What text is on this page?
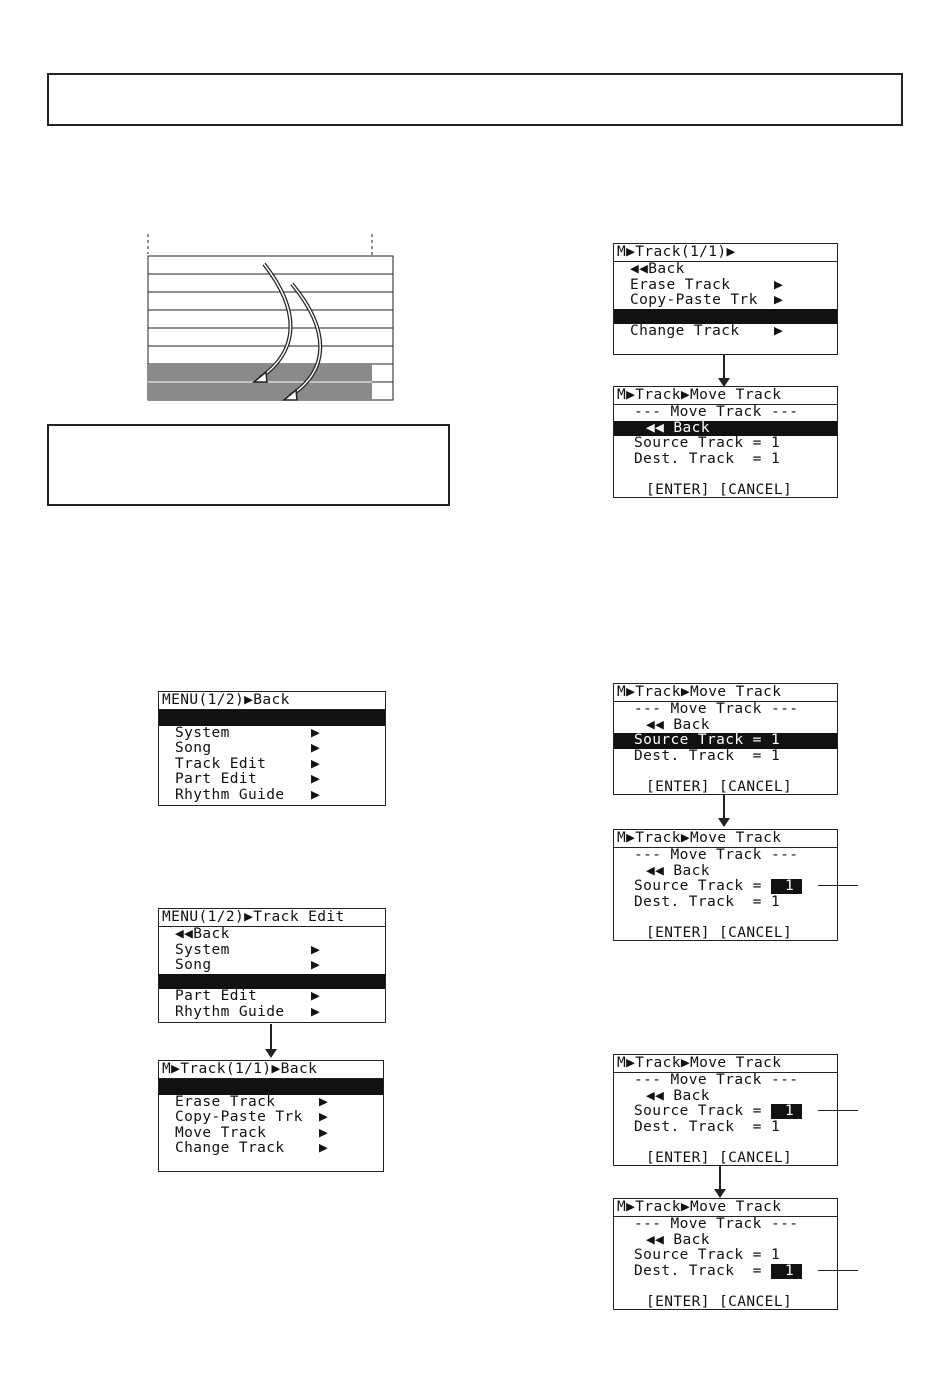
MENU(1/2)▶Back

System	▶
Song	▶
Track Edit	▶
Part Edit	▶
Rhythm Guide ▶
MENU(1/2)▶Track Edit
◀◀Back
System	▶
Song	▶

Part Edit	▶
Rhythm Guide ▶
M▶Track(1/1)▶Back

Erase Track	▶
Copy-Paste Trk ▶
Move Track	▶
Change Track ▶
M▶Track(1/1)▶
◀◀Back
Erase Track	▶
Copy-Paste Trk ▶

Change Track ▶
M▶Track▶Move Track
--- Move Track ---
◀◀ Back
Source Track = 1
Dest. Track  = 1
[ENTER] [CANCEL]
M▶Track▶Move Track
--- Move Track ---
◀◀ Back
Source Track = 1
Dest. Track  = 1
[ENTER] [CANCEL]
M▶Track▶Move Track
--- Move Track ---
◀◀ Back
Source Track = 1
Dest. Track  = 1
[ENTER] [CANCEL]
M▶Track▶Move Track
--- Move Track ---
◀◀ Back
Source Track = 1
Dest. Track  = 1
[ENTER] [CANCEL]
M▶Track▶Move Track
--- Move Track ---
◀◀ Back
Source Track = 1
Dest. Track  = 1
[ENTER] [CANCEL]
